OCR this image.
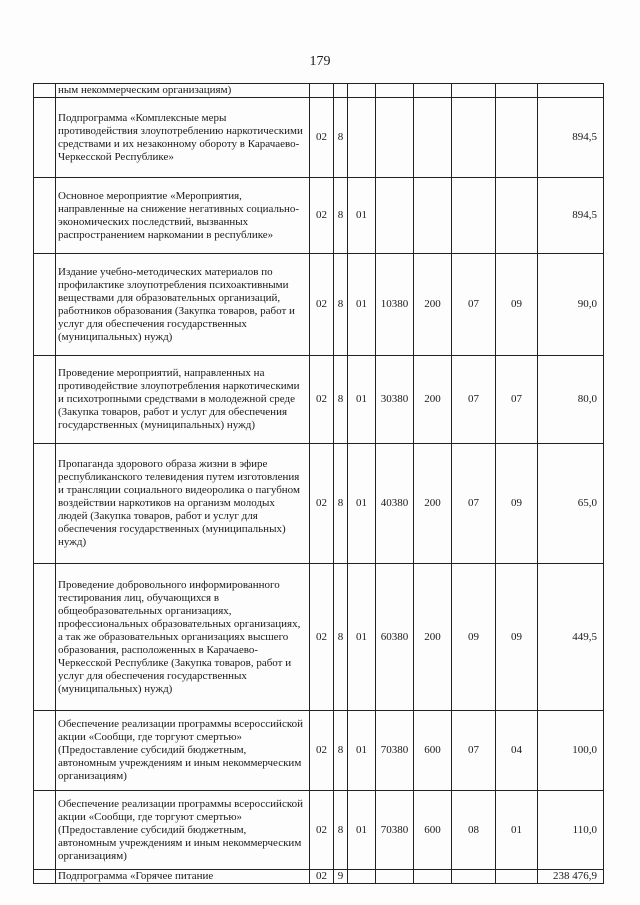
179
	ным некоммерческим организациям)								
	Подпрограмма «Комплексные меры противодействия злоупотреблению наркотическими средствами и их незаконному обороту в Карачаево-Черкесской Республике»	02	8						894,5
	Основное мероприятие «Мероприятия, направленные на снижение негативных социально-экономических последствий, вызванных распространением наркомании в республике»	02	8	01					894,5
	Издание учебно-методических материалов по профилактике злоупотребления психоактивными веществами для образовательных организаций, работников образования (Закупка товаров, работ и услуг для обеспечения государственных (муниципальных) нужд)	02	8	01	10380	200	07	09	90,0
	Проведение мероприятий, направленных на противодействие злоупотребления наркотическими и психотропными средствами в молодежной среде (Закупка товаров, работ и услуг для обеспечения государственных (муниципальных) нужд)	02	8	01	30380	200	07	07	80,0
	Пропаганда здорового образа жизни в эфире республиканского телевидения путем изготовления и трансляции социального видеоролика о пагубном воздействии наркотиков на организм молодых людей (Закупка товаров, работ и услуг для обеспечения государственных (муниципальных) нужд)	02	8	01	40380	200	07	09	65,0
	Проведение добровольного информированного тестирования лиц, обучающихся в общеобразовательных организациях, профессиональных образовательных организациях, а так же образовательных организациях высшего образования, расположенных в Карачаево-Черкесской Республике (Закупка товаров, работ и услуг для обеспечения государственных (муниципальных) нужд)	02	8	01	60380	200	09	09	449,5
	Обеспечение реализации программы всероссийской акции «Сообщи, где торгуют смертью» (Предоставление субсидий бюджетным, автономным учреждениям и иным некоммерческим организациям)	02	8	01	70380	600	07	04	100,0
	Обеспечение реализации программы всероссийской акции «Сообщи, где торгуют смертью» (Предоставление субсидий бюджетным, автономным учреждениям и иным некоммерческим организациям)	02	8	01	70380	600	08	01	110,0
	Подпрограмма «Горячее питание	02	9						238 476,9
